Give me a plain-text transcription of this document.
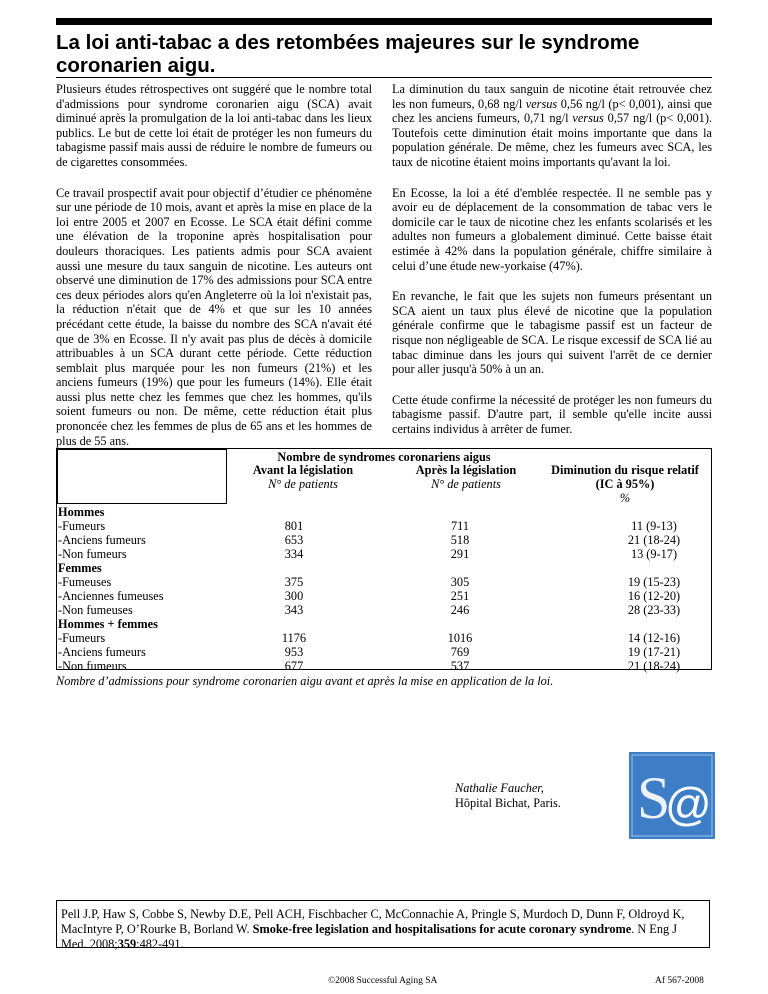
La loi anti-tabac a des retombées majeures sur le syndrome coronarien aigu.

Plusieurs études rétrospectives ont suggéré que le nombre total d'admissions pour syndrome coronarien aigu (SCA) avait diminué après la promulgation de la loi anti-tabac dans les lieux publics. Le but de cette loi était de protéger les non fumeurs du tabagisme passif mais aussi de réduire le nombre de fumeurs ou de cigarettes consommées.

Ce travail prospectif avait pour objectif d’étudier ce phénomène sur une période de 10 mois, avant et après la mise en place de la loi entre 2005 et 2007 en Ecosse. Le SCA était défini comme une élévation de la troponine après hospitalisation pour douleurs thoraciques. Les patients admis pour SCA avaient aussi une mesure du taux sanguin de nicotine. Les auteurs ont observé une diminution de 17% des admissions pour SCA entre ces deux périodes alors qu'en Angleterre où la loi n'existait pas, la réduction n'était que de 4% et que sur les 10 années précédant cette étude, la baisse du nombre des SCA n'avait été que de 3% en Ecosse. Il n'y avait pas plus de décès à domicile attribuables à un SCA durant cette période. Cette réduction semblait plus marquée pour les non fumeurs (21%) et les anciens fumeurs (19%) que pour les fumeurs (14%). Elle était aussi plus nette chez les femmes que chez les hommes, qu'ils soient fumeurs ou non. De même, cette réduction était plus prononcée chez les femmes de plus de 65 ans et les hommes de plus de 55 ans.

La diminution du taux sanguin de nicotine était retrouvée chez les non fumeurs, 0,68 ng/l versus 0,56 ng/l (p< 0,001), ainsi que chez les anciens fumeurs, 0,71 ng/l versus 0,57 ng/l (p< 0,001). Toutefois cette diminution était moins importante que dans la population générale. De même, chez les fumeurs avec SCA, les taux de nicotine étaient moins importants qu'avant la loi.

En Ecosse, la loi a été d'emblée respectée. Il ne semble pas y avoir eu de déplacement de la consommation de tabac vers le domicile car le taux de nicotine chez les enfants scolarisés et les adultes non fumeurs a globalement diminué. Cette baisse était estimée à 42% dans la population générale, chiffre similaire à celui d’une étude new-yorkaise (47%).

En revanche, le fait que les sujets non fumeurs présentant un SCA aient un taux plus élevé de nicotine que la population générale confirme que le tabagisme passif est un facteur de risque non négligeable de SCA. Le risque excessif de SCA lié au tabac diminue dans les jours qui suivent l'arrêt de ce dernier pour aller jusqu'à 50% à un an.

Cette étude confirme la nécessité de protéger les non fumeurs du tabagisme passif. D'autre part, il semble qu'elle incite aussi certains individus à arrêter de fumer.

Nombre de syndromes coronariens aigus
Avant la législation
N° de patients
Après la législation
N° de patients
Diminution du risque relatif
(IC à 95%)
%
Hommes
-Fumeurs
-Anciens fumeurs
-Non fumeurs
801
653
334
711
518
291
11 (9-13)
21 (18-24)
13 (9-17)
Femmes
-Fumeuses
-Anciennes fumeuses
-Non fumeuses
375
300
343
305
251
246
19 (15-23)
16 (12-20)
28 (23-33)
Hommes + femmes
-Fumeurs
-Anciens fumeurs
-Non fumeurs
1176
953
677
1016
769
537
14 (12-16)
19 (17-21)
21 (18-24)
Nombre d’admissions pour syndrome coronarien aigu avant et après la mise en application de la loi.
Nathalie Faucher,
Hôpital Bichat, Paris. S
@
Pell J.P, Haw S, Cobbe S, Newby D.E, Pell ACH, Fischbacher C, McConnachie A, Pringle S, Murdoch D, Dunn F, Oldroyd K, MacIntyre P, O’Rourke B, Borland W. Smoke-free legislation and hospitalisations for acute coronary syndrome. N Eng J Med. 2008;359:482-491.
©2008 Successful Aging SA	Af 567-2008
